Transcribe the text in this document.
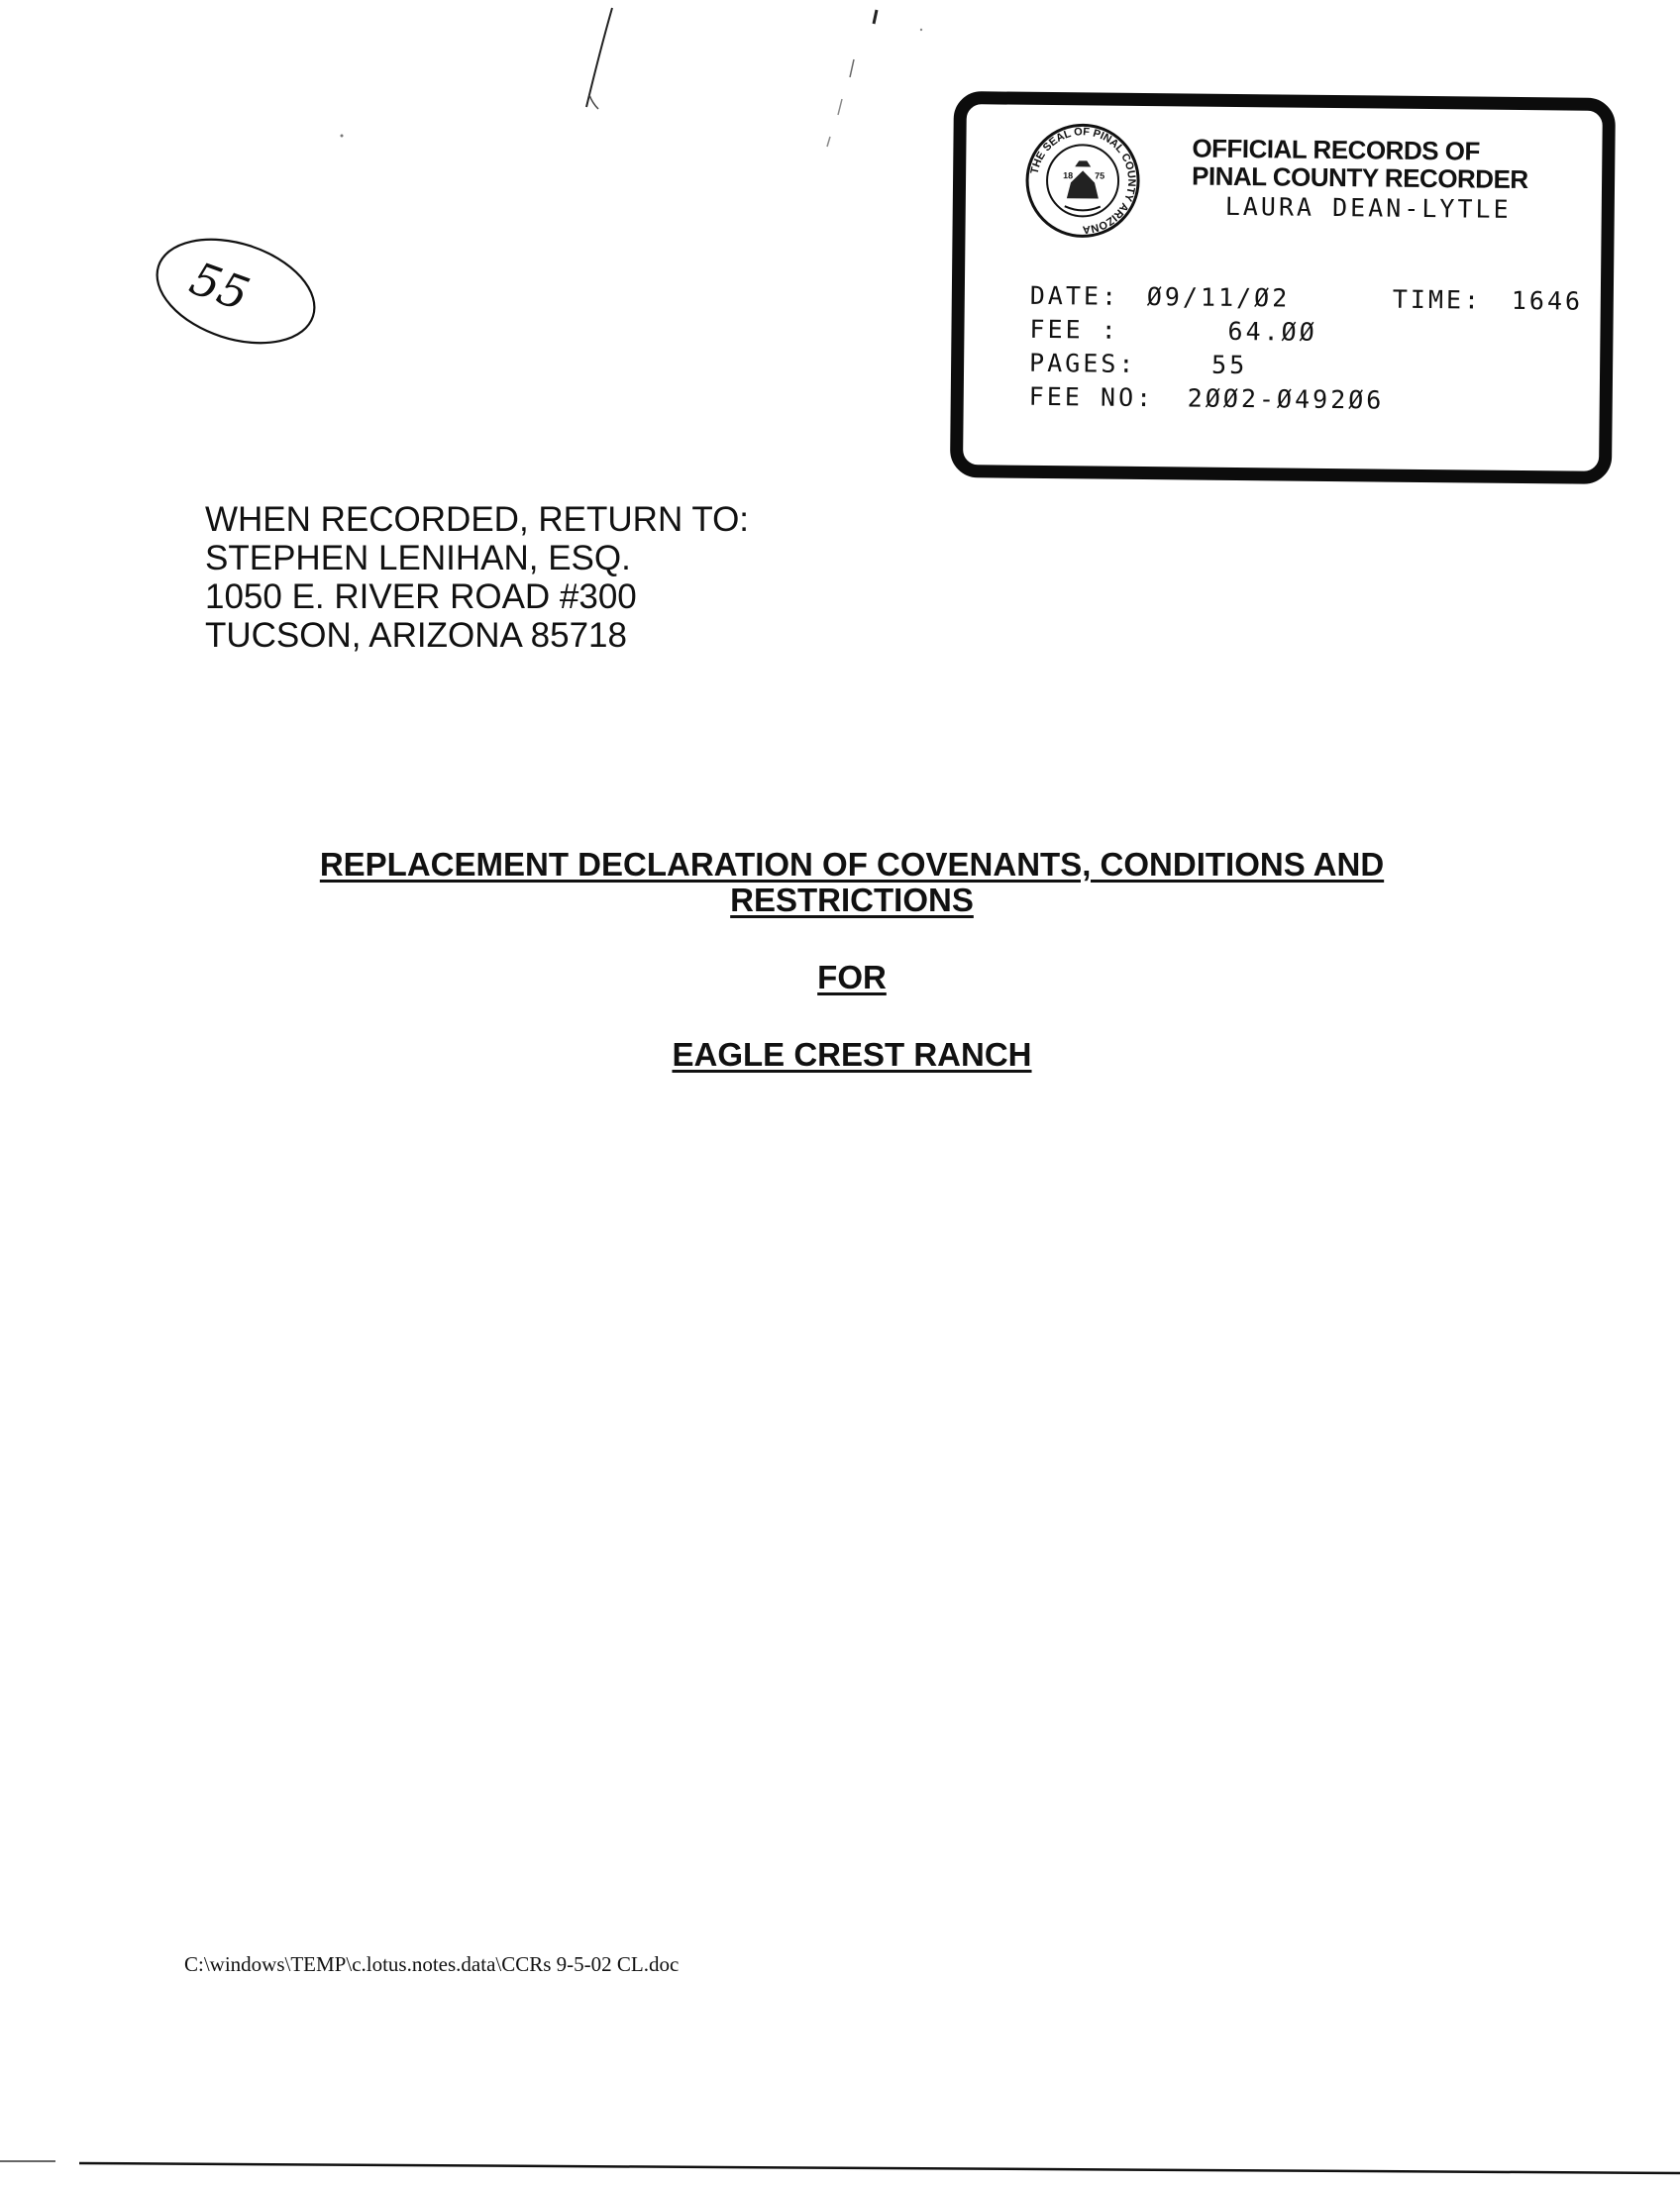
55
THE SEAL OF PINAL COUNTY ARIZONA
18 75
OFFICIAL RECORDS OF
PINAL COUNTY RECORDER
LAURA DEAN-LYTLE
DATE: Ø9/11/Ø2	TIME: 1646
FEE :	64.ØØ
PAGES:	55
FEE NO: 2ØØ2-Ø492Ø6
WHEN RECORDED, RETURN TO:
STEPHEN LENIHAN, ESQ.
1050 E. RIVER ROAD #300
TUCSON, ARIZONA 85718
REPLACEMENT DECLARATION OF COVENANTS, CONDITIONS AND
RESTRICTIONS
FOR
EAGLE CREST RANCH
C:\windows\TEMP\c.lotus.notes.data\CCRs 9-5-02 CL.doc
